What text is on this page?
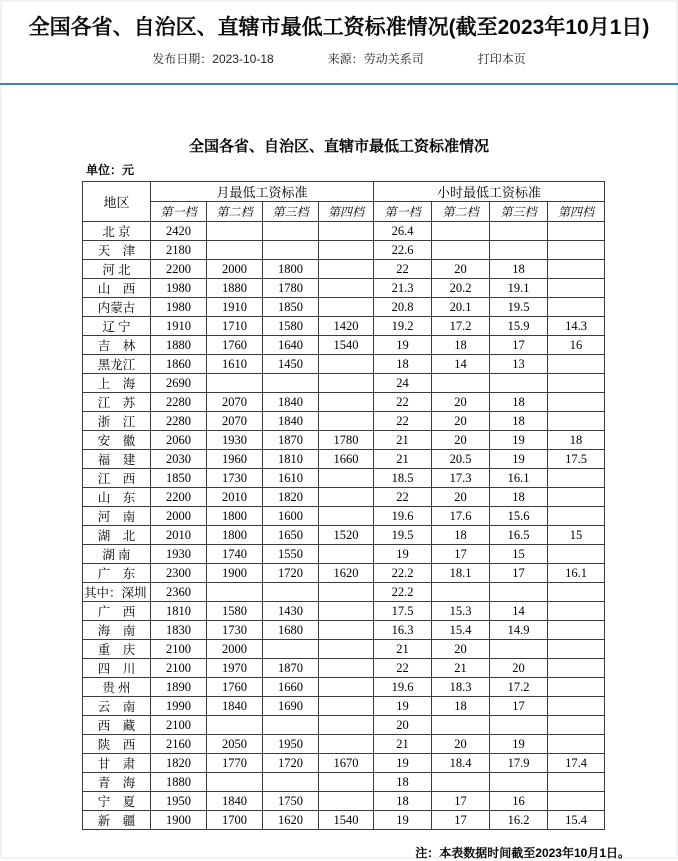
全国各省、自治区、直辖市最低工资标准情况(截至2023年10月1日)
发布日期：2023-10-18	来源：劳动关系司	打印本页
全国各省、自治区、直辖市最低工资标准情况
单位：元
地区	月最低工资标准				小时最低工资标准			
	第一档	第二档	第三档	第四档	第一档	第二档	第三档	第四档
北 京	2420				26.4			
天　津	2180				22.6			
河 北	2200	2000	1800		22	20	18	
山　西	1980	1880	1780		21.3	20.2	19.1	
内蒙古	1980	1910	1850		20.8	20.1	19.5	
辽 宁	1910	1710	1580	1420	19.2	17.2	15.9	14.3
吉　林	1880	1760	1640	1540	19	18	17	16
黑龙江	1860	1610	1450		18	14	13	
上　海	2690				24			
江　苏	2280	2070	1840		22	20	18	
浙　江	2280	2070	1840		22	20	18	
安　徽	2060	1930	1870	1780	21	20	19	18
福　建	2030	1960	1810	1660	21	20.5	19	17.5
江　西	1850	1730	1610		18.5	17.3	16.1	
山　东	2200	2010	1820		22	20	18	
河　南	2000	1800	1600		19.6	17.6	15.6	
湖　北	2010	1800	1650	1520	19.5	18	16.5	15
湖 南	1930	1740	1550		19	17	15	
广　东	2300	1900	1720	1620	22.2	18.1	17	16.1
其中：深圳	2360				22.2			
广　西	1810	1580	1430		17.5	15.3	14	
海　南	1830	1730	1680		16.3	15.4	14.9	
重　庆	2100	2000			21	20		
四　川	2100	1970	1870		22	21	20	
贵 州	1890	1760	1660		19.6	18.3	17.2	
云　南	1990	1840	1690		19	18	17	
西　藏	2100				20			
陕　西	2160	2050	1950		21	20	19	
甘　肃	1820	1770	1720	1670	19	18.4	17.9	17.4
青　海	1880				18			
宁　夏	1950	1840	1750		18	17	16	
新　疆	1900	1700	1620	1540	19	17	16.2	15.4
注：本表数据时间截至2023年10月1日。
